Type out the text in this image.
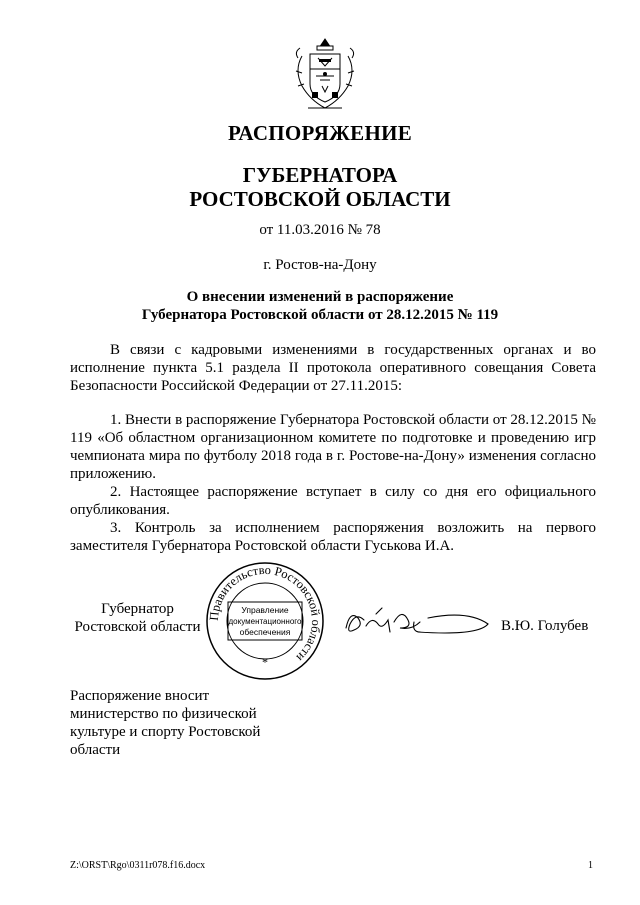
РАСПОРЯЖЕНИЕ
ГУБЕРНАТОРА
РОСТОВСКОЙ ОБЛАСТИ
от 11.03.2016 № 78
г. Ростов-на-Дону
О внесении изменений в распоряжение
Губернатора Ростовской области от 28.12.2015 № 119
В связи с кадровыми изменениями в государственных органах и во исполнение пункта 5.1 раздела II протокола оперативного совещания Совета Безопасности Российской Федерации от 27.11.2015:

1. Внести в распоряжение Губернатора Ростовской области от 28.12.2015 № 119 «Об областном организационном комитете по подготовке и проведению игр чемпионата мира по футболу 2018 года в г. Ростове-на-Дону» изменения согласно приложению.

2. Настоящее распоряжение вступает в силу со дня его официального опубликования.

3. Контроль за исполнением распоряжения возложить на первого заместителя Губернатора Ростовской области Гуськова И.А.

Губернатор
Ростовской области
Правительство Ростовской области
Управление
документационного
обеспечения
*
В.Ю. Голубев
Распоряжение вносит
министерство по физической
культуре и спорту Ростовской
области
Z:\ORST\Rgo\0311r078.f16.docx	1
